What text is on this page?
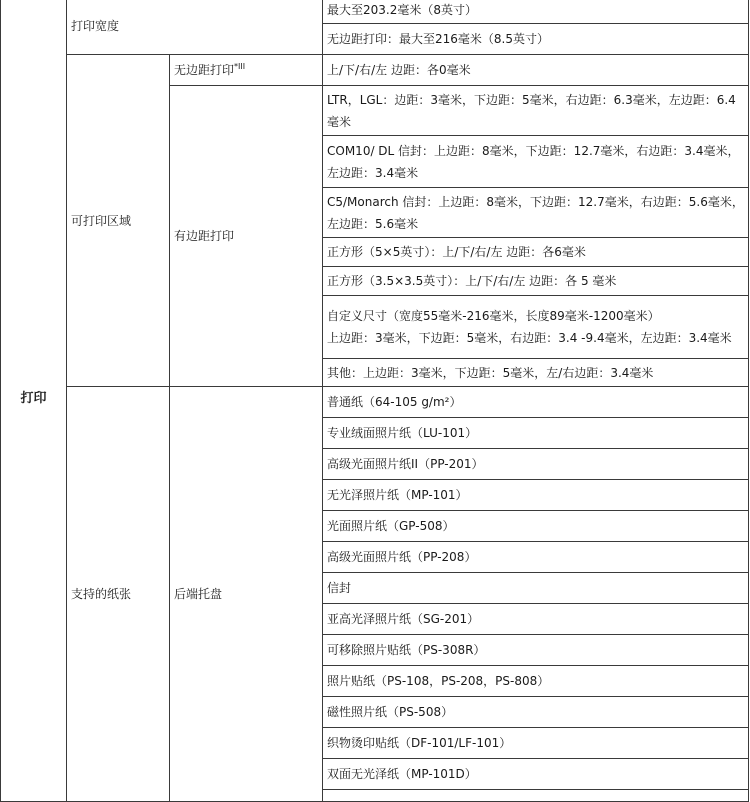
打印	打印宽度		最大至203.2毫米（8英寸）
			无边距打印：最大至216毫米（8.5英寸）
	可打印区域	无边距打印$^{*III}$	上/下/右/左 边距：各0毫米
		有边距打印	LTR，LGL：边距：3毫米，下边距：5毫米，右边距：6.3毫米，左边距：6.4毫米
			COM10/ DL 信封：上边距：8毫米，下边距：12.7毫米，右边距：3.4毫米，左边距：3.4毫米
			C5/Monarch 信封：上边距：8毫米，下边距：12.7毫米，右边距：5.6毫米，左边距：5.6毫米
			正方形（5×5英寸）：上/下/右/左 边距：各6毫米
			正方形（3.5×3.5英寸）：上/下/右/左 边距：各 5 毫米
			自定义尺寸（宽度55毫米-216毫米，长度89毫米-1200毫米）
上边距：3毫米，下边距：5毫米，右边距：3.4 -9.4毫米，左边距：3.4毫米
			其他：上边距：3毫米，下边距：5毫米，左/右边距：3.4毫米
	支持的纸张	后端托盘	普通纸（64-105 g/m²）
			专业绒面照片纸（LU-101）
			高级光面照片纸II（PP-201）
			无光泽照片纸（MP-101）
			光面照片纸（GP-508）
			高级光面照片纸（PP-208）
			信封
			亚高光泽照片纸（SG-201）
			可移除照片贴纸（PS-308R）
			照片贴纸（PS-108，PS-208，PS-808）
			磁性照片纸（PS-508）
			织物烫印贴纸（DF-101/LF-101）
			双面无光泽纸（MP-101D）
